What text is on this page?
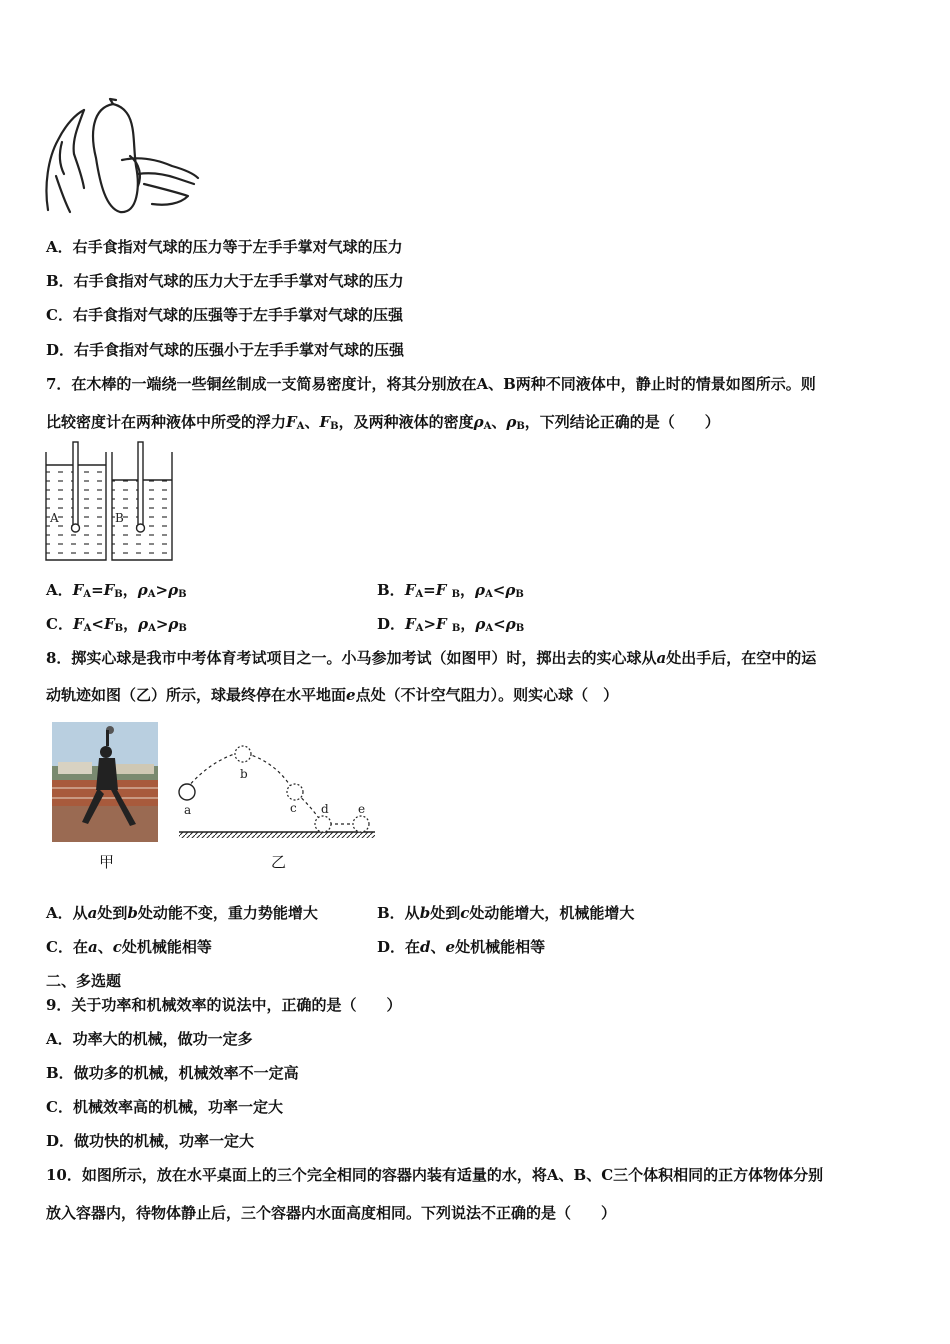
A．右手食指对气球的压力等于左手手掌对气球的压力
B．右手食指对气球的压力大于左手手掌对气球的压力
C．右手食指对气球的压强等于左手手掌对气球的压强
D．右手食指对气球的压强小于左手手掌对气球的压强
7．在木棒的一端绕一些铜丝制成一支简易密度计，将其分别放在A、B两种不同液体中，静止时的情景如图所示。则
比较密度计在两种液体中所受的浮力$F_A$、$F_B$，及两种液体的密度$\rho_A$、$\rho_B$，下列结论正确的是（　　）
A	B
A．$F_A=F_B$，$\rho_A>\rho_B$	B．$F_A=F$ $_B$，$\rho_A<\rho_B$
C．$F_A<F_B$，$\rho_A>\rho_B$	D．$F_A>F$ $_B$，$\rho_A<\rho_B$
8．掷实心球是我市中考体育考试项目之一。小马参加考试（如图甲）时，掷出去的实心球从a处出手后，在空中的运
动轨迹如图（乙）所示，球最终停在水平地面e点处（不计空气阻力）。则实心球（　）
甲
a
b
c d e
乙
A．从a处到b处动能不变，重力势能增大	B．从b处到c处动能增大，机械能增大
C．在a、c处机械能相等	D．在d、e处机械能相等
二、多选题
9．关于功率和机械效率的说法中，正确的是（　　）
A．功率大的机械，做功一定多
B．做功多的机械，机械效率不一定高
C．机械效率高的机械，功率一定大
D．做功快的机械，功率一定大
10．如图所示，放在水平桌面上的三个完全相同的容器内装有适量的水，将A、B、C三个体积相同的正方体物体分别
放入容器内，待物体静止后，三个容器内水面高度相同。下列说法不正确的是（　　）
